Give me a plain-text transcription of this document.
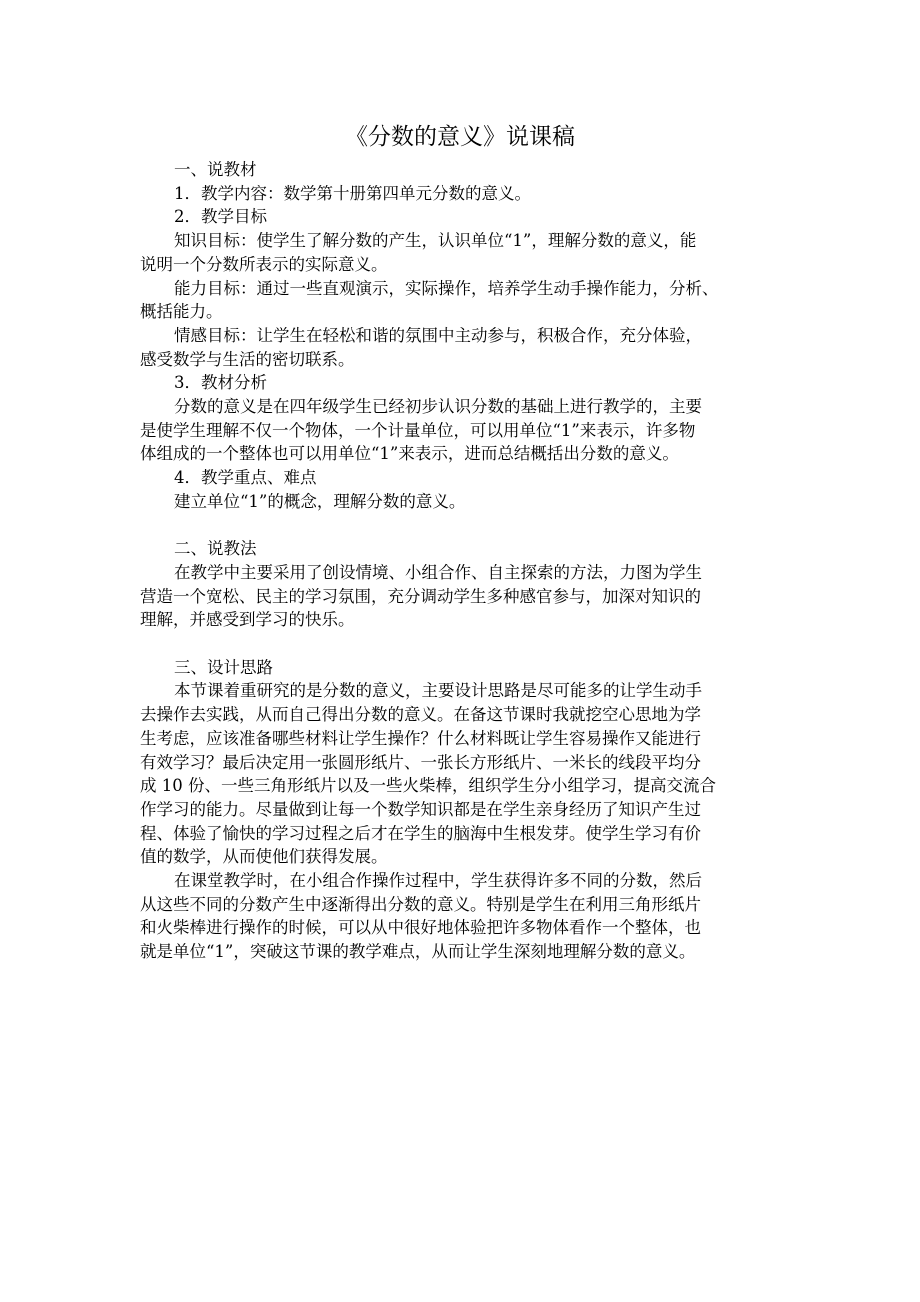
《分数的意义》说课稿

一、说教材

1．教学内容：数学第十册第四单元分数的意义。

2．教学目标

知识目标：使学生了解分数的产生，认识单位“1”，理解分数的意义，能

说明一个分数所表示的实际意义。

能力目标：通过一些直观演示，实际操作，培养学生动手操作能力，分析、

概括能力。

情感目标：让学生在轻松和谐的氛围中主动参与，积极合作，充分体验，

感受数学与生活的密切联系。

3．教材分析

分数的意义是在四年级学生已经初步认识分数的基础上进行教学的，主要

是使学生理解不仅一个物体，一个计量单位，可以用单位“1”来表示，许多物

体组成的一个整体也可以用单位“1”来表示，进而总结概括出分数的意义。

4．教学重点、难点

建立单位“1”的概念，理解分数的意义。

二、说教法

在教学中主要采用了创设情境、小组合作、自主探索的方法，力图为学生

营造一个宽松、民主的学习氛围，充分调动学生多种感官参与，加深对知识的

理解，并感受到学习的快乐。

三、设计思路

本节课着重研究的是分数的意义，主要设计思路是尽可能多的让学生动手

去操作去实践，从而自己得出分数的意义。在备这节课时我就挖空心思地为学

生考虑，应该准备哪些材料让学生操作？什么材料既让学生容易操作又能进行

有效学习？最后决定用一张圆形纸片、一张长方形纸片、一米长的线段平均分

成 10 份、一些三角形纸片以及一些火柴棒，组织学生分小组学习，提高交流合

作学习的能力。尽量做到让每一个数学知识都是在学生亲身经历了知识产生过

程、体验了愉快的学习过程之后才在学生的脑海中生根发芽。使学生学习有价

值的数学，从而使他们获得发展。

在课堂教学时，在小组合作操作过程中，学生获得许多不同的分数，然后

从这些不同的分数产生中逐渐得出分数的意义。特别是学生在利用三角形纸片

和火柴棒进行操作的时候，可以从中很好地体验把许多物体看作一个整体，也

就是单位“1”，突破这节课的教学难点，从而让学生深刻地理解分数的意义。
